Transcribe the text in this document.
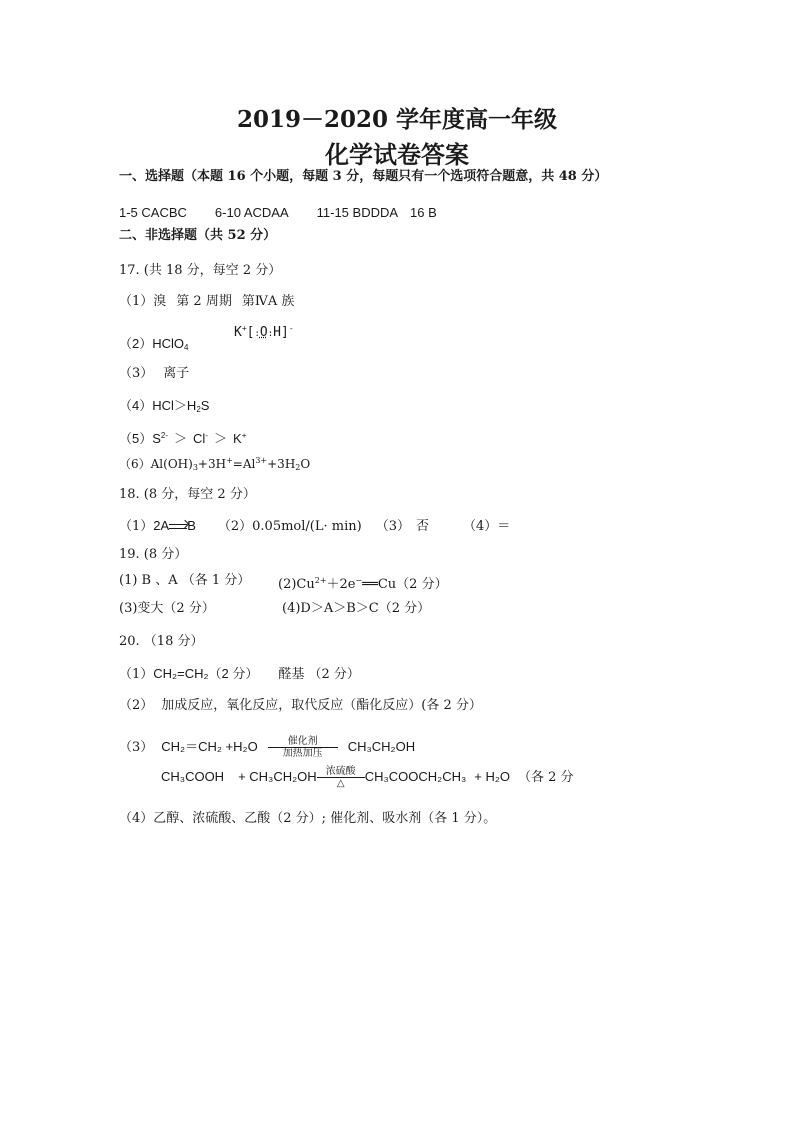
2019－2020 学年度高一年级
化学试卷答案
一、选择题（本题 16 个小题，每题 3 分，每题只有一个选项符合题意，共 48 分）
1-5 CACBC 6-10 ACDAA 11-15 BDDDA 16 B
二、非选择题（共 52 分）
17. (共 18 分，每空 2 分）
（1）溴 第 2 周期 第ⅣA 族
（2）HClO$_4$
K+[:O:H]-
（3） 离子
$(4)HCl>H_2S$
$(5)S^{2-} > Cl^- > K^+$
$(6)Al(OH)_3+3H^+=Al^{3+}+3H_2O$
18. (8 分，每空 2 分）
（1）2A B （2）0.05mol/(L· min) （3） 否	（4）＝
19. (8 分）
(1) B 、A （各 1 分） $(2)Cu^{2+}+2e^-══Cu(2$ 分）
(3)变大（2 分）	(4)D＞A＞B＞C（2 分）
20. （18 分）
（1）CH₂=CH₂（2 分） 醛基 （2 分）
（2） 加成反应，氧化反应，取代反应（酯化反应）(各 2 分）
（3） CH₂＝CH₂ +H₂O	催化剂
加热加压	CH₃CH₂OH
CH₃COOH + CH₃CH₂OH 浓硫酸
△	CH₃COOCH₂CH₃ + H₂O （各 2 分
（4）乙醇、浓硫酸、乙酸（2 分）; 催化剂、吸水剂（各 1 分）。
